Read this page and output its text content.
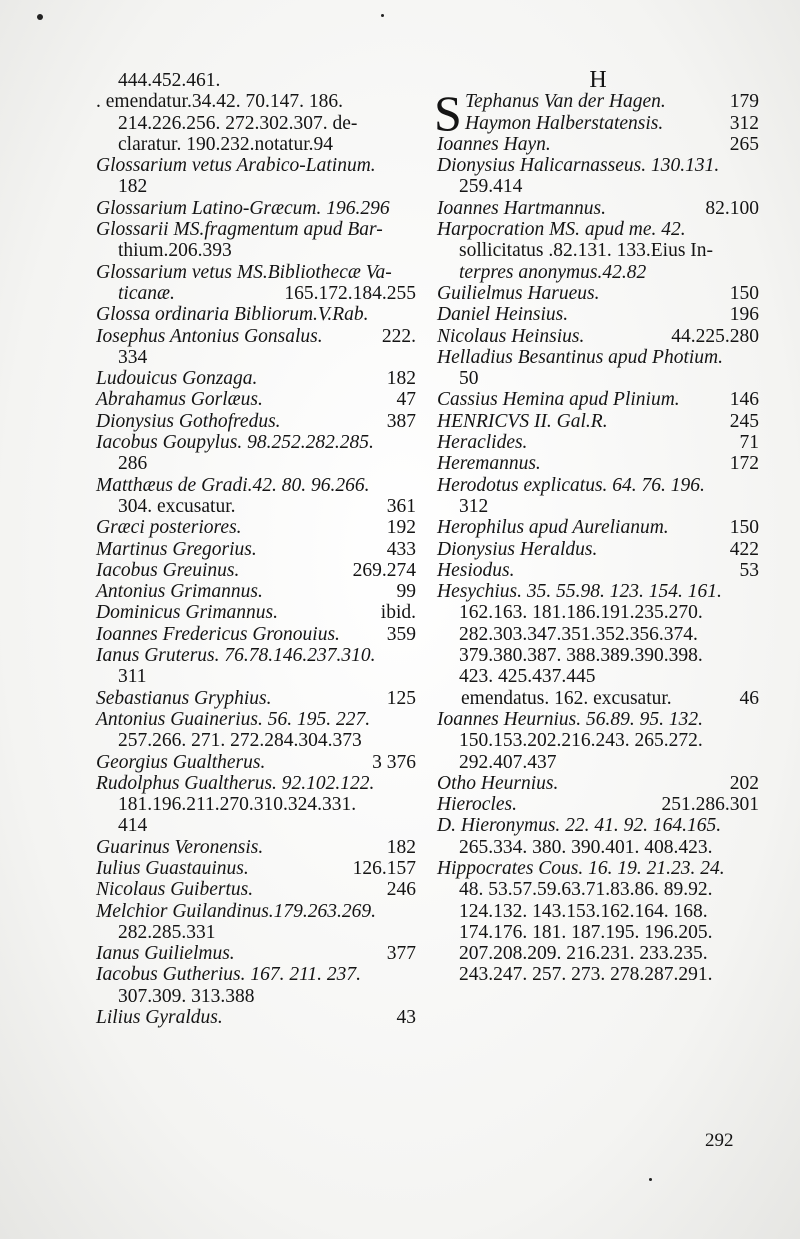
444.452.461.
. emendatur.34.42. 70.147. 186.
214.226.256. 272.302.307. de-
claratur. 190.232.notatur.94
Glossarium vetus Arabico-Latinum.
182
Glossarium Latino-Græcum. 196.296
Glossarii MS.fragmentum apud Bar-
thium.206.393
Glossarium vetus MS.Bibliothecæ Va-
ticanæ.	165.172.184.255
Glossa ordinaria Bibliorum.V.Rab.
Iosephus Antonius Gonsalus.	222.
334
Ludouicus Gonzaga.	182
Abrahamus Gorlæus.	47
Dionysius Gothofredus.	387
Iacobus Goupylus. 98.252.282.285.
286
Matthæus de Gradi.42. 80. 96.266.
304. excusatur.	361
Græci posteriores.	192
Martinus Gregorius.	433
Iacobus Greuinus.	269.274
Antonius Grimannus.	99
Dominicus Grimannus.	ibid.
Ioannes Fredericus Gronouius. 359
Ianus Gruterus. 76.78.146.237.310.
311
Sebastianus Gryphius.	125
Antonius Guainerius. 56. 195. 227.
257.266. 271. 272.284.304.373
Georgius Gualtherus.	3 376
Rudolphus Gualtherus. 92.102.122.
181.196.211.270.310.324.331.
414
Guarinus Veronensis.	182
Iulius Guastauinus.	126.157
Nicolaus Guibertus.	246
Melchior Guilandinus.179.263.269.
282.285.331
Ianus Guilielmus.	377
Iacobus Gutherius. 167. 211. 237.
307.309. 313.388
Lilius Gyraldus.	43
H
S Tephanus Van der Hagen.	179
Haymon Halberstatensis.	312
Ioannes Hayn.	265
Dionysius Halicarnasseus. 130.131.
259.414
Ioannes Hartmannus.	82.100
Harpocration MS. apud me. 42.
sollicitatus .82.131. 133.Eius In-
terpres anonymus.42.82
Guilielmus Harueus.	150
Daniel Heinsius.	196
Nicolaus Heinsius.	44.225.280
Helladius Besantinus apud Photium.
50
Cassius Hemina apud Plinium.	146
HENRICVS II. Gal.R.	245
Heraclides.	71
Heremannus.	172
Herodotus explicatus. 64. 76. 196.
312
Herophilus apud Aurelianum.	150
Dionysius Heraldus.	422
Hesiodus.	53
Hesychius. 35. 55.98. 123. 154. 161.
162.163. 181.186.191.235.270.
282.303.347.351.352.356.374.
379.380.387. 388.389.390.398.
423. 425.437.445
emendatus. 162. excusatur.	46
Ioannes Heurnius. 56.89. 95. 132.
150.153.202.216.243. 265.272.
292.407.437
Otho Heurnius.	202
Hierocles.	251.286.301
D. Hieronymus. 22. 41. 92. 164.165.
265.334. 380. 390.401. 408.423.
Hippocrates Cous. 16. 19. 21.23. 24.
48. 53.57.59.63.71.83.86. 89.92.
124.132. 143.153.162.164. 168.
174.176. 181. 187.195. 196.205.
207.208.209. 216.231. 233.235.
243.247. 257. 273. 278.287.291.
292
